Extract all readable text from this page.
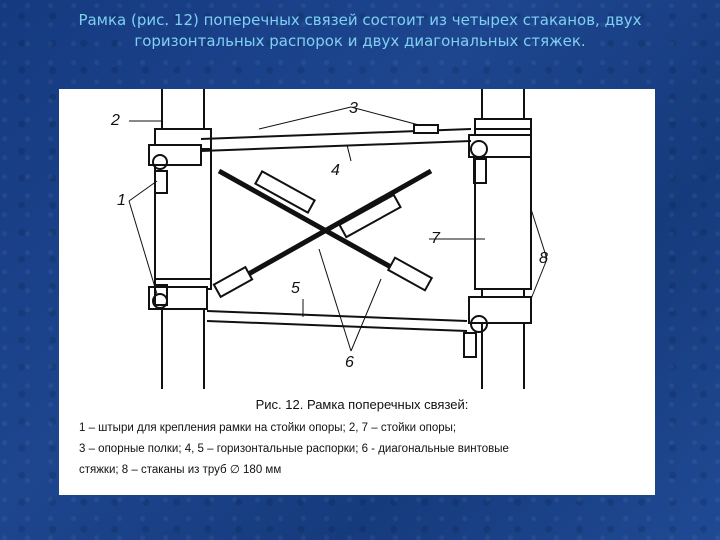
Рамка (рис. 12) поперечных связей состоит из четырех стаканов, двух горизонтальных распорок и двух диагональных стяжек.
2
3
4
1
7
8
5
6
Рис. 12. Рамка поперечных связей:
1 – штыри для крепления рамки на стойки опоры; 2, 7 – стойки опоры;
3 – опорные полки; 4, 5 – горизонтальные распорки; 6 - диагональные винтовые
стяжки; 8 – стаканы из труб ∅ 180 мм
